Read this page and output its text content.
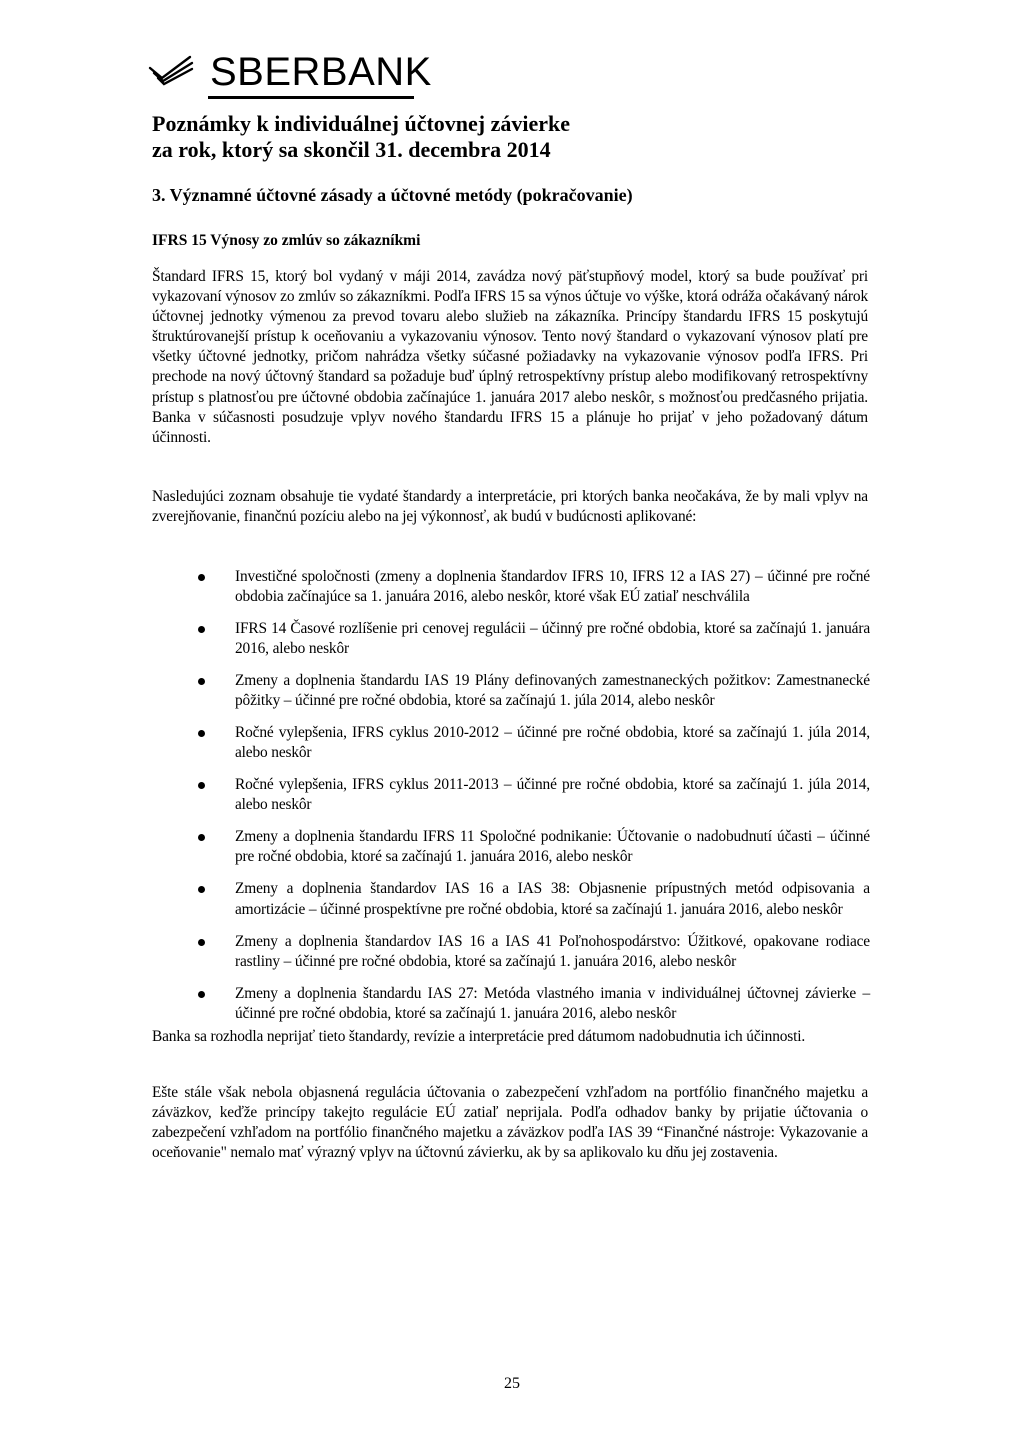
SBERBANK
Poznámky k individuálnej účtovnej závierke
za rok, ktorý sa skončil 31. decembra 2014
3. Významné účtovné zásady a účtovné metódy (pokračovanie)
IFRS 15 Výnosy zo zmlúv so zákazníkmi

Štandard IFRS 15, ktorý bol vydaný v máji 2014, zavádza nový päťstupňový model, ktorý sa bude používať pri vykazovaní výnosov zo zmlúv so zákazníkmi. Podľa IFRS 15 sa výnos účtuje vo výške, ktorá odráža očakávaný nárok účtovnej jednotky výmenou za prevod tovaru alebo služieb na zákazníka. Princípy štandardu IFRS 15 poskytujú štruktúrovanejší prístup k oceňovaniu a vykazovaniu výnosov. Tento nový štandard o vykazovaní výnosov platí pre všetky účtovné jednotky, pričom nahrádza všetky súčasné požiadavky na vykazovanie výnosov podľa IFRS. Pri prechode na nový účtovný štandard sa požaduje buď úplný retrospektívny prístup alebo modifikovaný retrospektívny prístup s platnosťou pre účtovné obdobia začínajúce 1. januára 2017 alebo neskôr, s možnosťou predčasného prijatia. Banka v súčasnosti posudzuje vplyv nového štandardu IFRS 15 a plánuje ho prijať v jeho požadovaný dátum účinnosti.

Nasledujúci zoznam obsahuje tie vydaté štandardy a interpretácie, pri ktorých banka neočakáva, že by mali vplyv na zverejňovanie, finančnú pozíciu alebo na jej výkonnosť, ak budú v budúcnosti aplikované:

Investičné spoločnosti (zmeny a doplnenia štandardov IFRS 10, IFRS 12 a IAS 27) – účinné pre ročné obdobia začínajúce sa 1. januára 2016, alebo neskôr, ktoré však EÚ zatiaľ neschválila
IFRS 14 Časové rozlíšenie pri cenovej regulácii – účinný pre ročné obdobia, ktoré sa začínajú 1. januára 2016, alebo neskôr
Zmeny a doplnenia štandardu IAS 19 Plány definovaných zamestnaneckých požitkov: Zamestnanecké pôžitky – účinné pre ročné obdobia, ktoré sa začínajú 1. júla 2014, alebo neskôr
Ročné vylepšenia, IFRS cyklus 2010-2012 – účinné pre ročné obdobia, ktoré sa začínajú 1. júla 2014, alebo neskôr
Ročné vylepšenia, IFRS cyklus 2011-2013 – účinné pre ročné obdobia, ktoré sa začínajú 1. júla 2014, alebo neskôr
Zmeny a doplnenia štandardu IFRS 11 Spoločné podnikanie: Účtovanie o nadobudnutí účasti – účinné pre ročné obdobia, ktoré sa začínajú 1. januára 2016, alebo neskôr
Zmeny a doplnenia štandardov IAS 16 a IAS 38: Objasnenie prípustných metód odpisovania a amortizácie – účinné prospektívne pre ročné obdobia, ktoré sa začínajú 1. januára 2016, alebo neskôr
Zmeny a doplnenia štandardov IAS 16 a IAS 41 Poľnohospodárstvo: Úžitkové, opakovane rodiace rastliny – účinné pre ročné obdobia, ktoré sa začínajú 1. januára 2016, alebo neskôr
Zmeny a doplnenia štandardu IAS 27: Metóda vlastného imania v individuálnej účtovnej závierke – účinné pre ročné obdobia, ktoré sa začínajú 1. januára 2016, alebo neskôr

Banka sa rozhodla neprijať tieto štandardy, revízie a interpretácie pred dátumom nadobudnutia ich účinnosti.

Ešte stále však nebola objasnená regulácia účtovania o zabezpečení vzhľadom na portfólio finančného majetku a záväzkov, keďže princípy takejto regulácie EÚ zatiaľ neprijala. Podľa odhadov banky by prijatie účtovania o zabezpečení vzhľadom na portfólio finančného majetku a záväzkov podľa IAS 39 “Finančné nástroje: Vykazovanie a oceňovanie" nemalo mať výrazný vplyv na účtovnú závierku, ak by sa aplikovalo ku dňu jej zostavenia.

25
